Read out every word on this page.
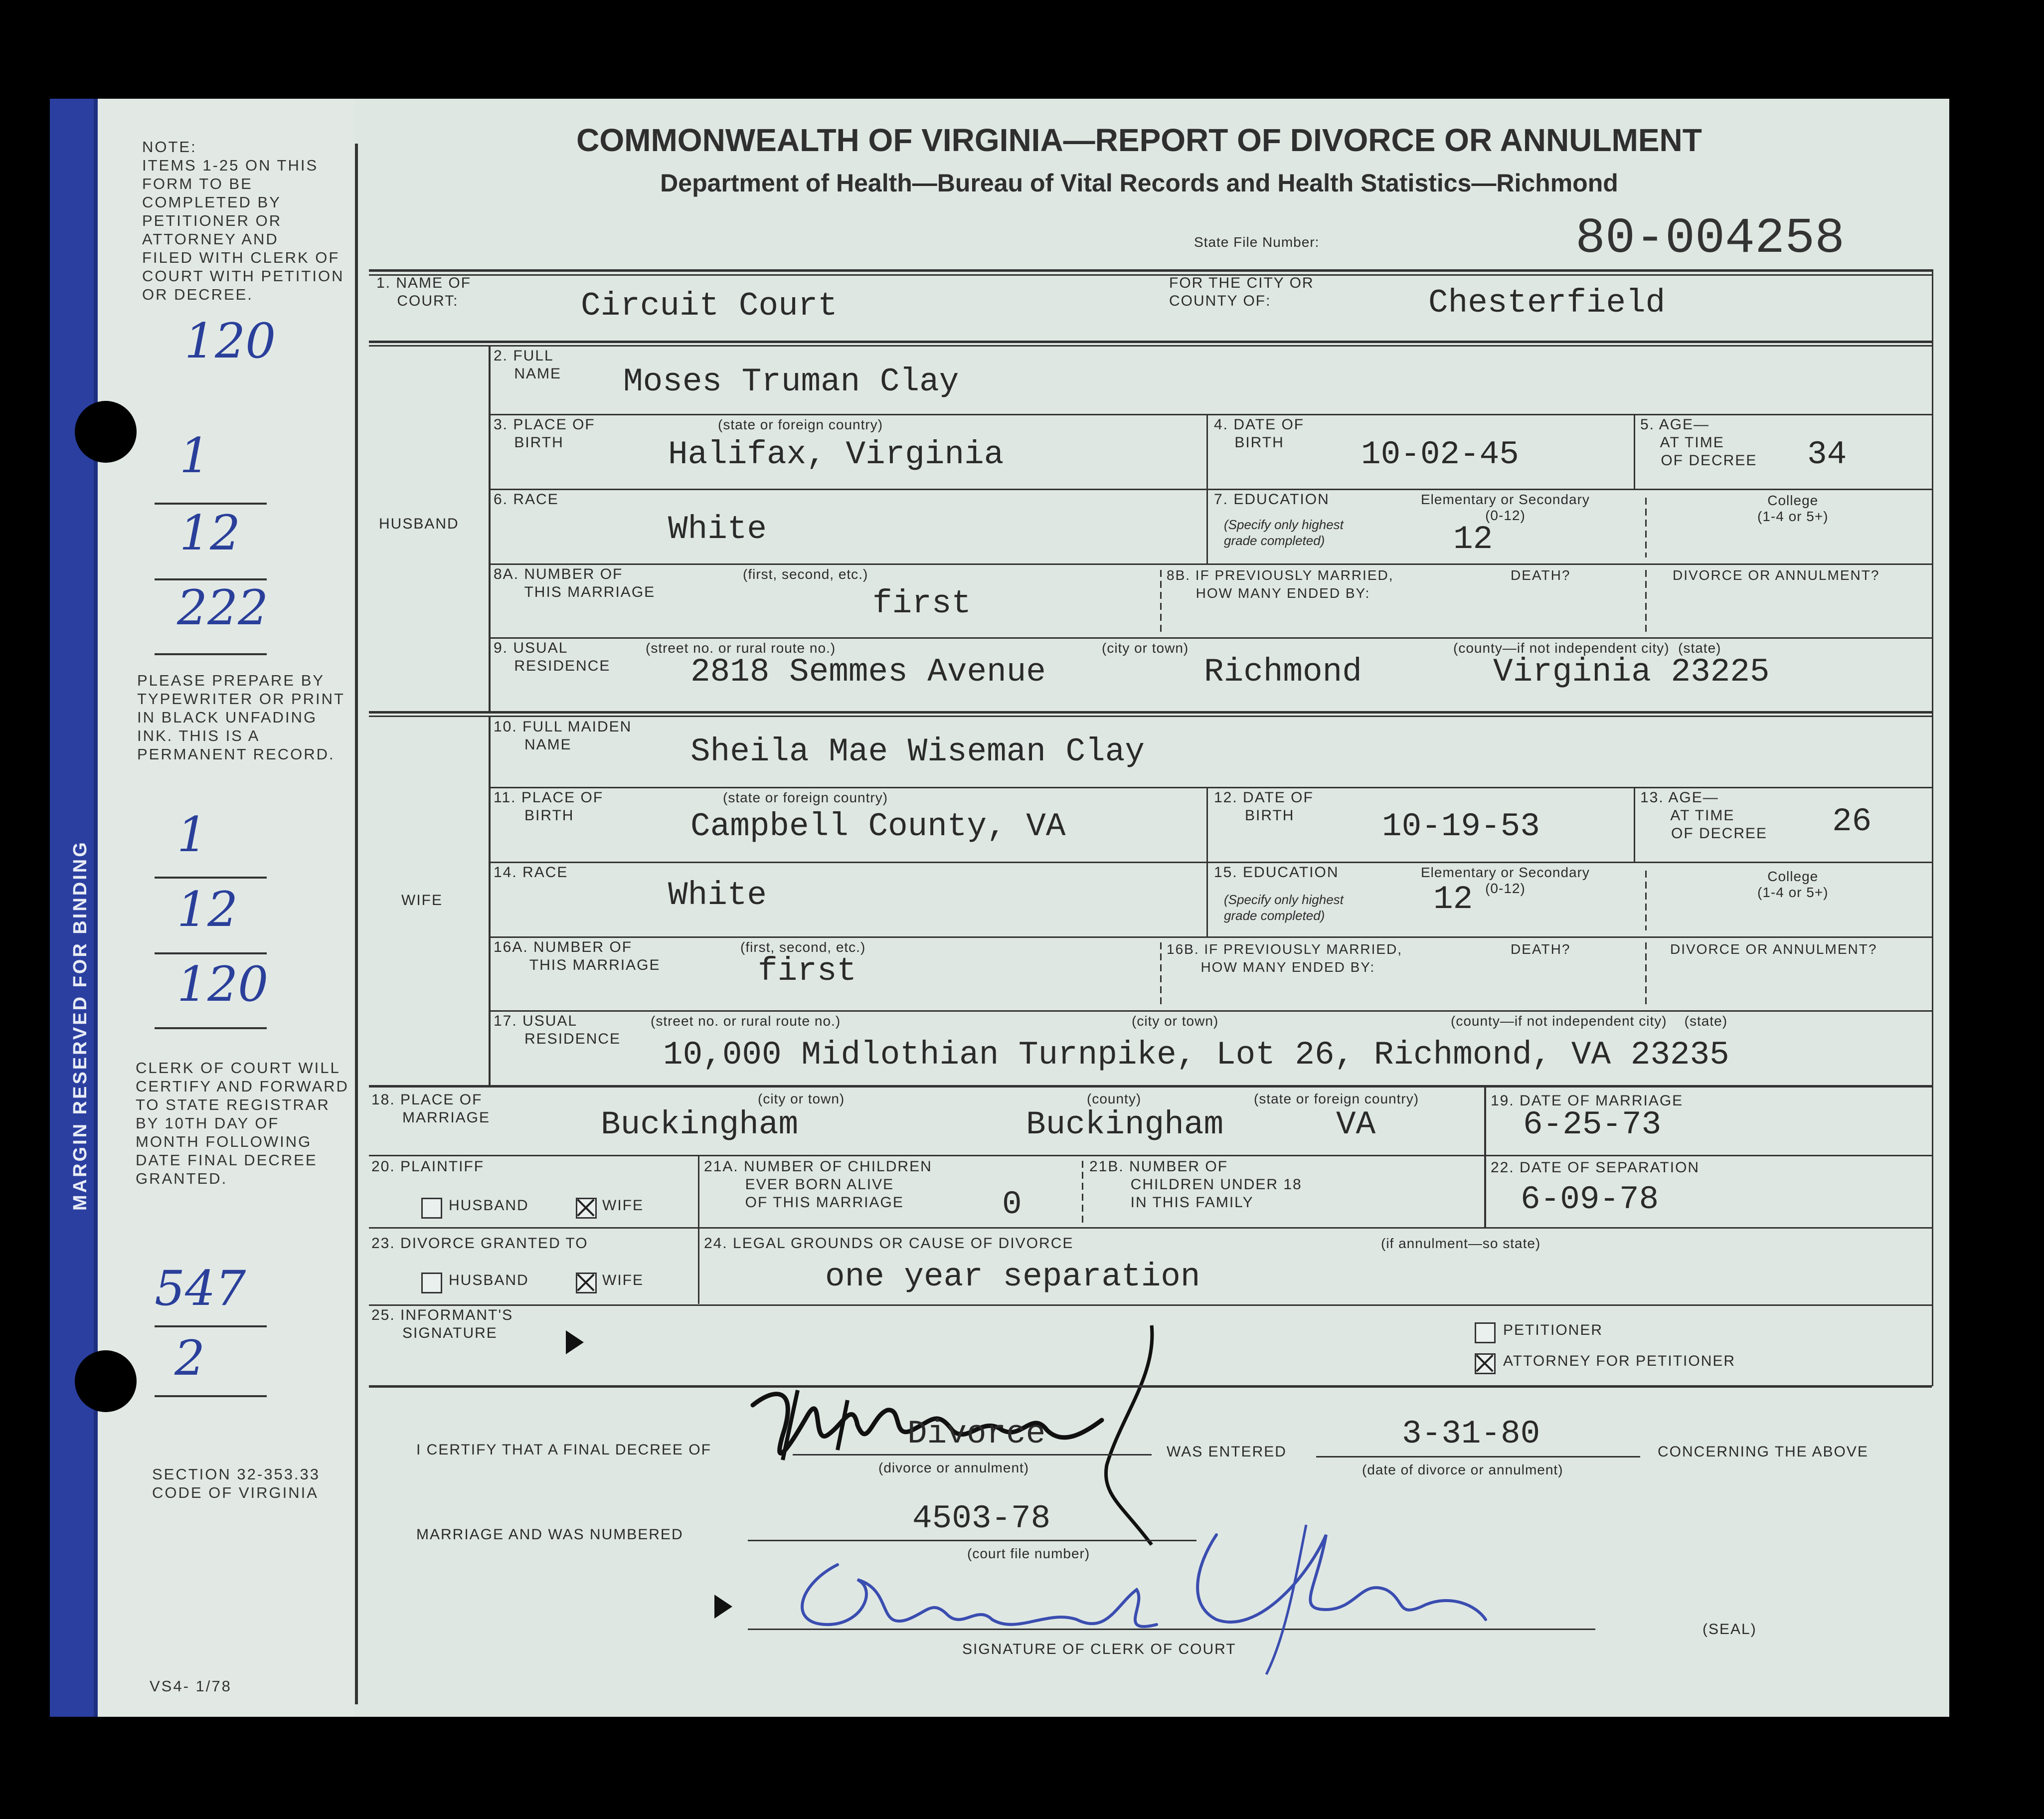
MARGIN RESERVED FOR BINDING
NOTE:
ITEMS 1-25 ON THIS
FORM TO BE
COMPLETED BY
PETITIONER OR
ATTORNEY AND
FILED WITH CLERK OF
COURT WITH PETITION
OR DECREE.
PLEASE PREPARE BY
TYPEWRITER OR PRINT
IN BLACK UNFADING
INK. THIS IS A
PERMANENT RECORD.
CLERK OF COURT WILL
CERTIFY AND FORWARD
TO STATE REGISTRAR
BY 10TH DAY OF
MONTH FOLLOWING
DATE FINAL DECREE
GRANTED.
SECTION 32-353.33
CODE OF VIRGINIA
VS4- 1/78
120
1
12
222
1
12
120
547
2
COMMONWEALTH OF VIRGINIA—REPORT OF DIVORCE OR ANNULMENT
Department of Health—Bureau of Vital Records and Health Statistics—Richmond
State File Number:	80-004258
1. NAME OF
COURT:	Circuit Court
FOR THE CITY OR
COUNTY OF:	Chesterfield
HUSBAND
2. FULL
NAME Moses Truman Clay
3. PLACE OF
BIRTH
(state or foreign country)
Halifax, Virginia
4. DATE OF
BIRTH	10-02-45
5. AGE—
AT TIME
OF DECREE 34
6. RACE
White
7. EDUCATION
(Specify only highest
grade completed)
Elementary or Secondary
(0-12)
12
College
(1-4 or 5+)
8A. NUMBER OF
THIS MARRIAGE
(first, second, etc.)
first
8B. IF PREVIOUSLY MARRIED,
HOW MANY ENDED BY:
DEATH?	DIVORCE OR ANNULMENT?
9. USUAL
RESIDENCE
(street no. or rural route no.)	(city or town)	(county—if not independent city)  (state)
2818 Semmes Avenue	Richmond	Virginia 23225
WIFE
10. FULL MAIDEN
NAME	Sheila Mae Wiseman Clay
11. PLACE OF
BIRTH
(state or foreign country)
Campbell County, VA
12. DATE OF
BIRTH	10-19-53
13. AGE—
AT TIME
OF DECREE 26
14. RACE
White
15. EDUCATION
(Specify only highest
grade completed)
Elementary or Secondary
(0-12)
12
College
(1-4 or 5+)
16A. NUMBER OF
THIS MARRIAGE
(first, second, etc.)
first
16B. IF PREVIOUSLY MARRIED,
HOW MANY ENDED BY:
DEATH?	DIVORCE OR ANNULMENT?
17. USUAL
RESIDENCE
(street no. or rural route no.)	(city or town)	(county—if not independent city)    (state)
10,000 Midlothian Turnpike, Lot 26, Richmond, VA 23235
18. PLACE OF
MARRIAGE
(city or town)	(county)	(state or foreign country)
Buckingham	Buckingham	VA
19. DATE OF MARRIAGE
6-25-73
20. PLAINTIFF
HUSBAND	WIFE
21A. NUMBER OF CHILDREN
EVER BORN ALIVE
OF THIS MARRIAGE	0
21B. NUMBER OF
CHILDREN UNDER 18
IN THIS FAMILY
22. DATE OF SEPARATION
6-09-78
23. DIVORCE GRANTED TO
HUSBAND	WIFE
24. LEGAL GROUNDS OR CAUSE OF DIVORCE	(if annulment—so state)
one year separation
25. INFORMANT'S
SIGNATURE	PETITIONER
ATTORNEY FOR PETITIONER
I CERTIFY THAT A FINAL DECREE OF	Divorce
(divorce or annulment)
WAS ENTERED	3-31-80
(date of divorce or annulment)
CONCERNING THE ABOVE
MARRIAGE AND WAS NUMBERED	4503-78
(court file number)
SIGNATURE OF CLERK OF COURT
(SEAL)
